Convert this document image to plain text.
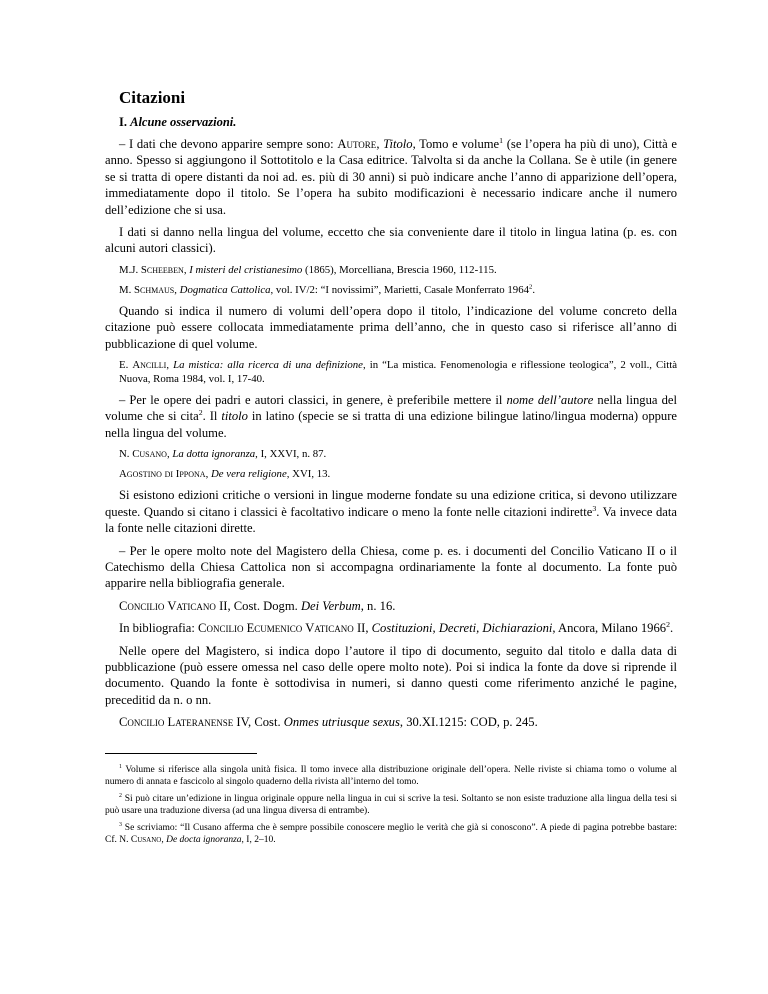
Citazioni
I. Alcune osservazioni.

– I dati che devono apparire sempre sono: Autore, Titolo, Tomo e volume$^1$ (se l’opera ha più di uno), Città e anno. Spesso si aggiungono il Sottotitolo e la Casa editrice. Talvolta si da anche la Collana. Se è utile (in genere se si tratta di opere distanti da noi ad. es. più di 30 anni) si può indicare anche l’anno di apparizione dell’opera, immediatamente dopo il titolo. Se l’opera ha subito modificazioni è necessario indicare anche il numero dell’edizione che si usa.

I dati si danno nella lingua del volume, eccetto che sia conveniente dare il titolo in lingua latina (p. es. con alcuni autori classici).

M.J. Scheeben, I misteri del cristianesimo (1865), Morcelliana, Brescia 1960, 112-115.

M. Schmaus, Dogmatica Cattolica, vol. IV/2: “I novissimi”, Marietti, Casale Monferrato 1964$^2$.

Quando si indica il numero di volumi dell’opera dopo il titolo, l’indicazione del volume concreto della citazione può essere collocata immediatamente prima dell’anno, che in questo caso si riferisce all’anno di pubblicazione di quel volume.

E. Ancilli, La mistica: alla ricerca di una definizione, in “La mistica. Fenomenologia e riflessione teologica”, 2 voll., Città Nuova, Roma 1984, vol. I, 17-40.

– Per le opere dei padri e autori classici, in genere, è preferibile mettere il nome dell’autore nella lingua del volume che si cita$^2$. Il titolo in latino (specie se si tratta di una edizione bilingue latino/lingua moderna) oppure nella lingua del volume.

N. Cusano, La dotta ignoranza, I, XXVI, n. 87.

Agostino di Ippona, De vera religione, XVI, 13.

Si esistono edizioni critiche o versioni in lingue moderne fondate su una edizione critica, si devono utilizzare queste. Quando si citano i classici è facoltativo indicare o meno la fonte nelle citazioni indirette$^3$. Va invece data la fonte nelle citazioni dirette.

– Per le opere molto note del Magistero della Chiesa, come p. es. i documenti del Concilio Vaticano II o il Catechismo della Chiesa Cattolica non si accompagna ordinariamente la fonte al documento. La fonte può apparire nella bibliografia generale.

Concilio Vaticano II, Cost. Dogm. Dei Verbum, n. 16.

In bibliografia: Concilio Ecumenico Vaticano II, Costituzioni, Decreti, Dichiarazioni, Ancora, Milano 1966$^2$.

Nelle opere del Magistero, si indica dopo l’autore il tipo di documento, seguito dal titolo e dalla data di pubblicazione (può essere omessa nel caso delle opere molto note). Poi si indica la fonte da dove si riprende il documento. Quando la fonte è sottodivisa in numeri, si danno questi come riferimento anziché le pagine, preceditid da n. o nn.

Concilio Lateranense IV, Cost. Onmes utriusque sexus, 30.XI.1215: COD, p. 245.

$^1$ Volume si riferisce alla singola unità fisica. Il tomo invece alla distribuzione originale dell’opera. Nelle riviste si chiama tomo o volume al numero di annata e fascicolo al singolo quaderno della rivista all’interno del tomo.

$^2$ Si può citare un’edizione in lingua originale oppure nella lingua in cui si scrive la tesi. Soltanto se non esiste traduzione alla lingua della tesi si può usare una traduzione diversa (ad una lingua diversa di entrambe).

$^3$ Se scriviamo: “Il Cusano afferma che è sempre possibile conoscere meglio le verità che già si conoscono”. A piede di pagina potrebbe bastare: Cf. N. Cusano, De docta ignoranza, I, 2–10.
